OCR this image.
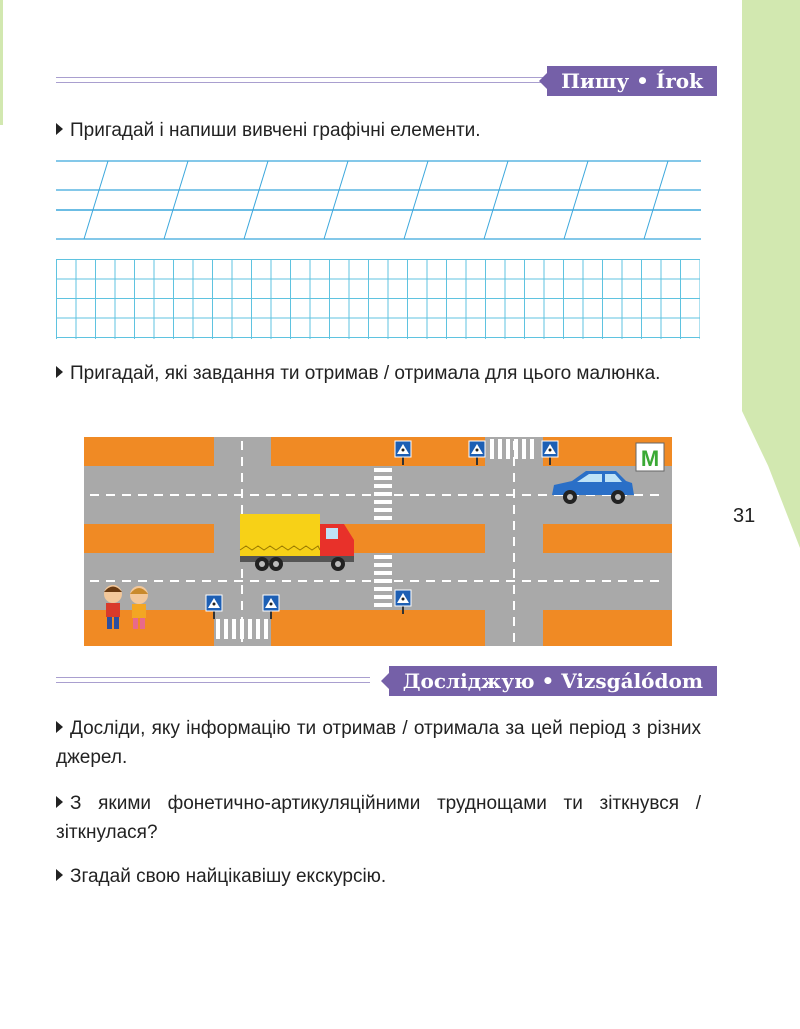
31
Пишу • Írok
Пригадай і напиши вивчені графічні елементи.
Пригадай, які завдання ти отримав / отримала для цього малюнка.
M
Досліджую • Vizsgálódom
Досліди, яку інформацію ти отримав / отримала за цей період з різних джерел.
З якими фонетично-артикуляційними труднощами ти зіткнувся / зіткнулася?
Згадай свою найцікавішу екскурсію.
